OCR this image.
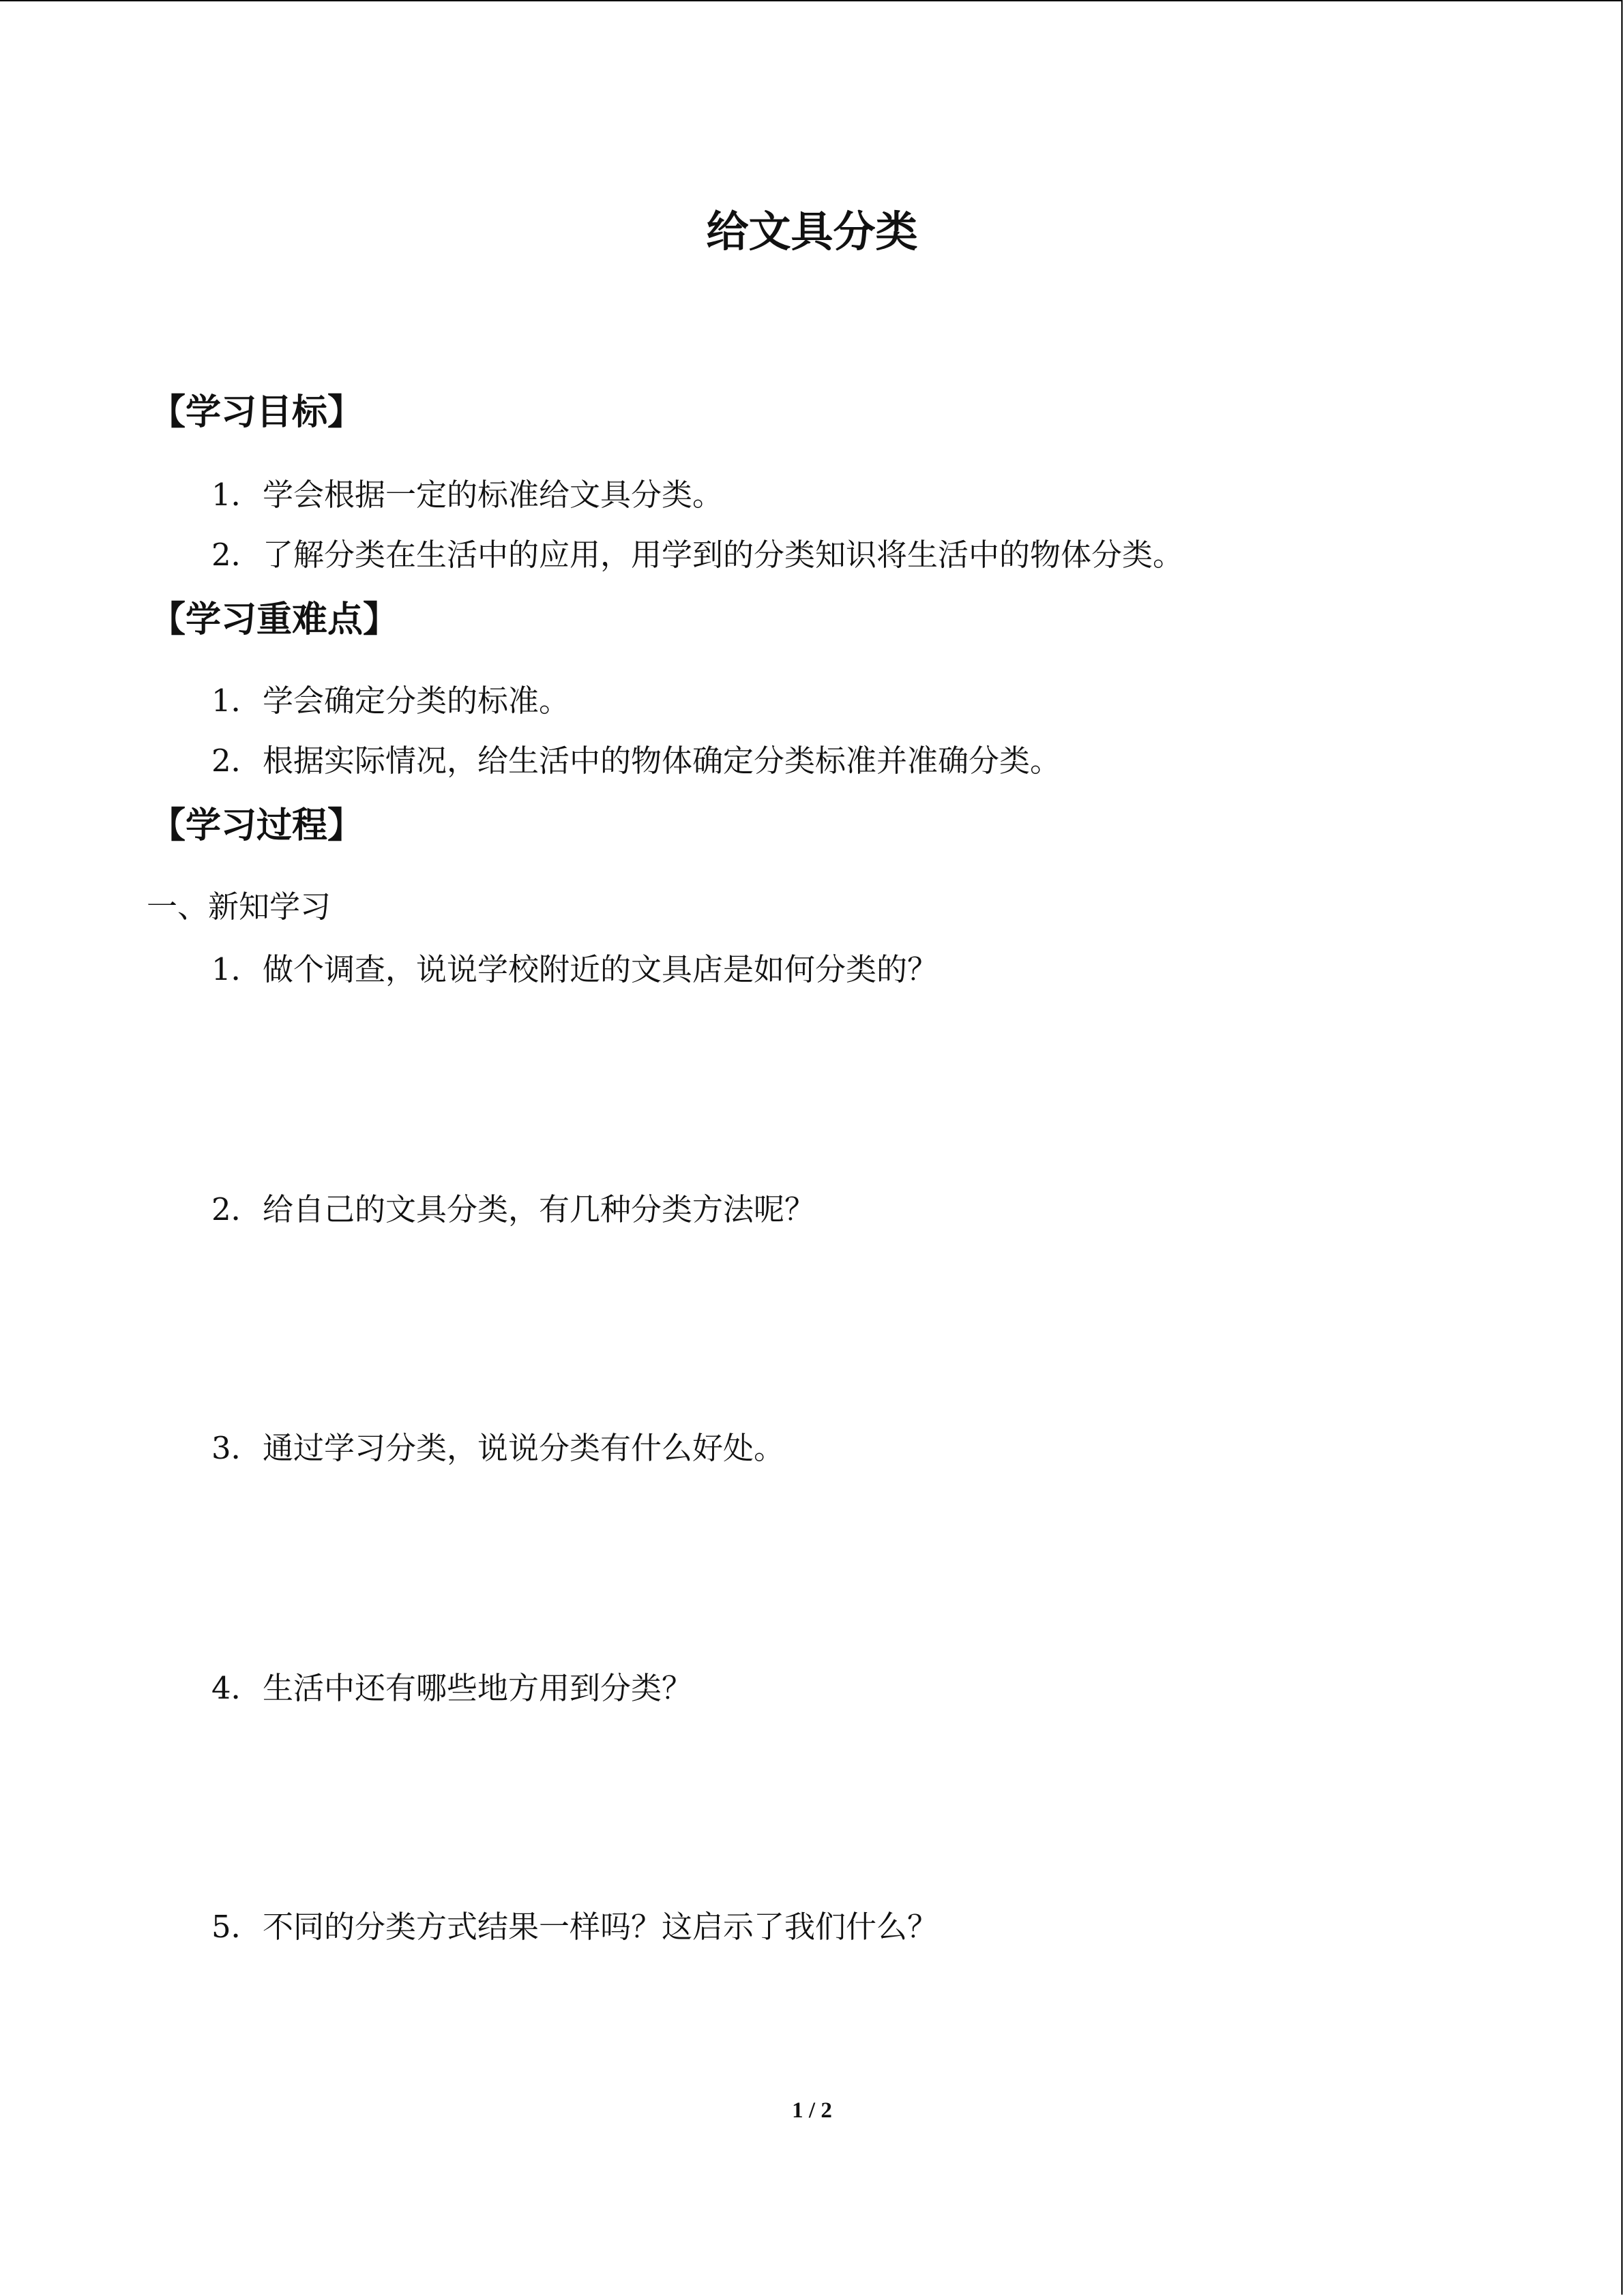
给文具分类
【学习目标】
1．学会根据一定的标准给文具分类。
2．了解分类在生活中的应用，用学到的分类知识将生活中的物体分类。
【学习重难点】
1．学会确定分类的标准。
2．根据实际情况，给生活中的物体确定分类标准并准确分类。
【学习过程】
一、新知学习
1．做个调查，说说学校附近的文具店是如何分类的？
2．给自己的文具分类，有几种分类方法呢？
3．通过学习分类，说说分类有什么好处。
4．生活中还有哪些地方用到分类？
5．不同的分类方式结果一样吗？这启示了我们什么？
1 / 2
